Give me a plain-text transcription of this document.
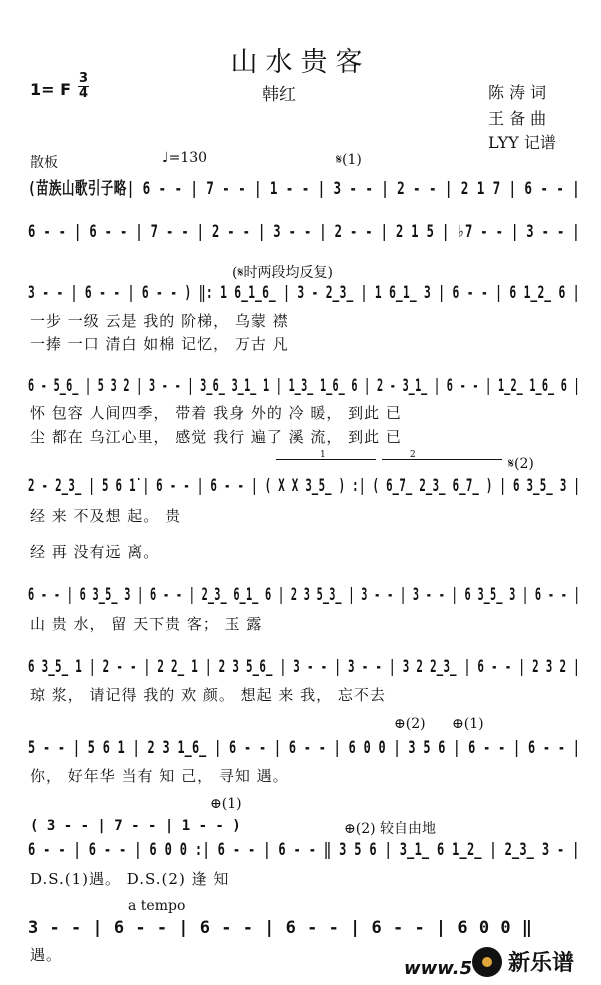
山水贵客
韩红
1= F
3
4	陈 涛 词
王 备 曲
LYY 记谱
散板	♩=130	𝄋(1)
(苗族山歌引子略| 6 - - | 7 - - | 1 - - | 3 - - | 2 - - | 2 1 7 | 6 - - |
6 - - | 6 - - | 7 - - | 2 - - | 3 - - | 2 - - | 2 1 5 | ♭7 - - | 3 - - |
(𝄋时两段均反复)
3 - - | 6 - - | 6 - - ) ‖: 1 6̲1̲6̲ | 3 - 2̲3̲ | 1 6̲1̲ 3 | 6 - - | 6 1̲2̲ 6 |
一步 一级 云是 我的 阶梯， 乌蒙 襟
一捧 一口 清白 如棉 记忆， 万古 凡
6 - 5̲6̲ | 5 3 2 | 3 - - | 3̲6̲ 3̲1̲ 1 | 1̲3̲ 1̲6̲ 6 | 2 - 3̲1̲ | 6 - - | 1̲2̲ 1̲6̲ 6 |
怀 包容 人间四季， 带着 我身 外的 冷 暖， 到此 已
尘 都在 乌江心里， 感觉 我行 遍了 溪 流， 到此 已
1	2
𝄋(2)
2 - 2̲3̲ | 5 6 1̇ | 6 - - | 6 - - | ( X X 3̲5̲ ) :| ( 6̲7̲ 2̲3̲ 6̲7̲ ) | 6 3̲5̲ 3 |
经 来 不及想 起。 贵
经 再 没有远 离。
6 - - | 6 3̲5̲ 3 | 6 - - | 2̲3̲ 6̲1̲ 6 | 2 3 5̲3̲ | 3 - - | 3 - - | 6 3̲5̲ 3 | 6 - - |
山 贵 水， 留 天下贵 客； 玉 露
6 3̲5̲ 1 | 2 - - | 2 2̲ 1 | 2 3 5̲6̲ | 3 - - | 3 - - | 3 2 2̲3̲ | 6 - - | 2 3 2 |
琼 浆， 请记得 我的 欢 颜。 想起 来 我， 忘不去
⊕(2) ⊕(1)
5 - - | 5 6 1 | 2 3 1̲6̲ | 6 - - | 6 - - | 6 0 0 | 3 5 6 | 6 - - | 6 - - |
你， 好年华 当有 知 己， 寻知 遇。
⊕(1)
( 3 - - | 7 - - | 1 - - )	⊕(2) 较自由地
6 - - | 6 - - | 6 0 0 :| 6 - - | 6 - - ‖ 3 5 6 | 3̲1̲ 6 1̲2̲ | 2̲3̲ 3 - |
D.S.(1)遇。 D.S.(2) 逢 知
a tempo
3 - - | 6 - - | 6 - - | 6 - - | 6 - - | 6 0 0 ‖
遇。
www.5 新乐谱
